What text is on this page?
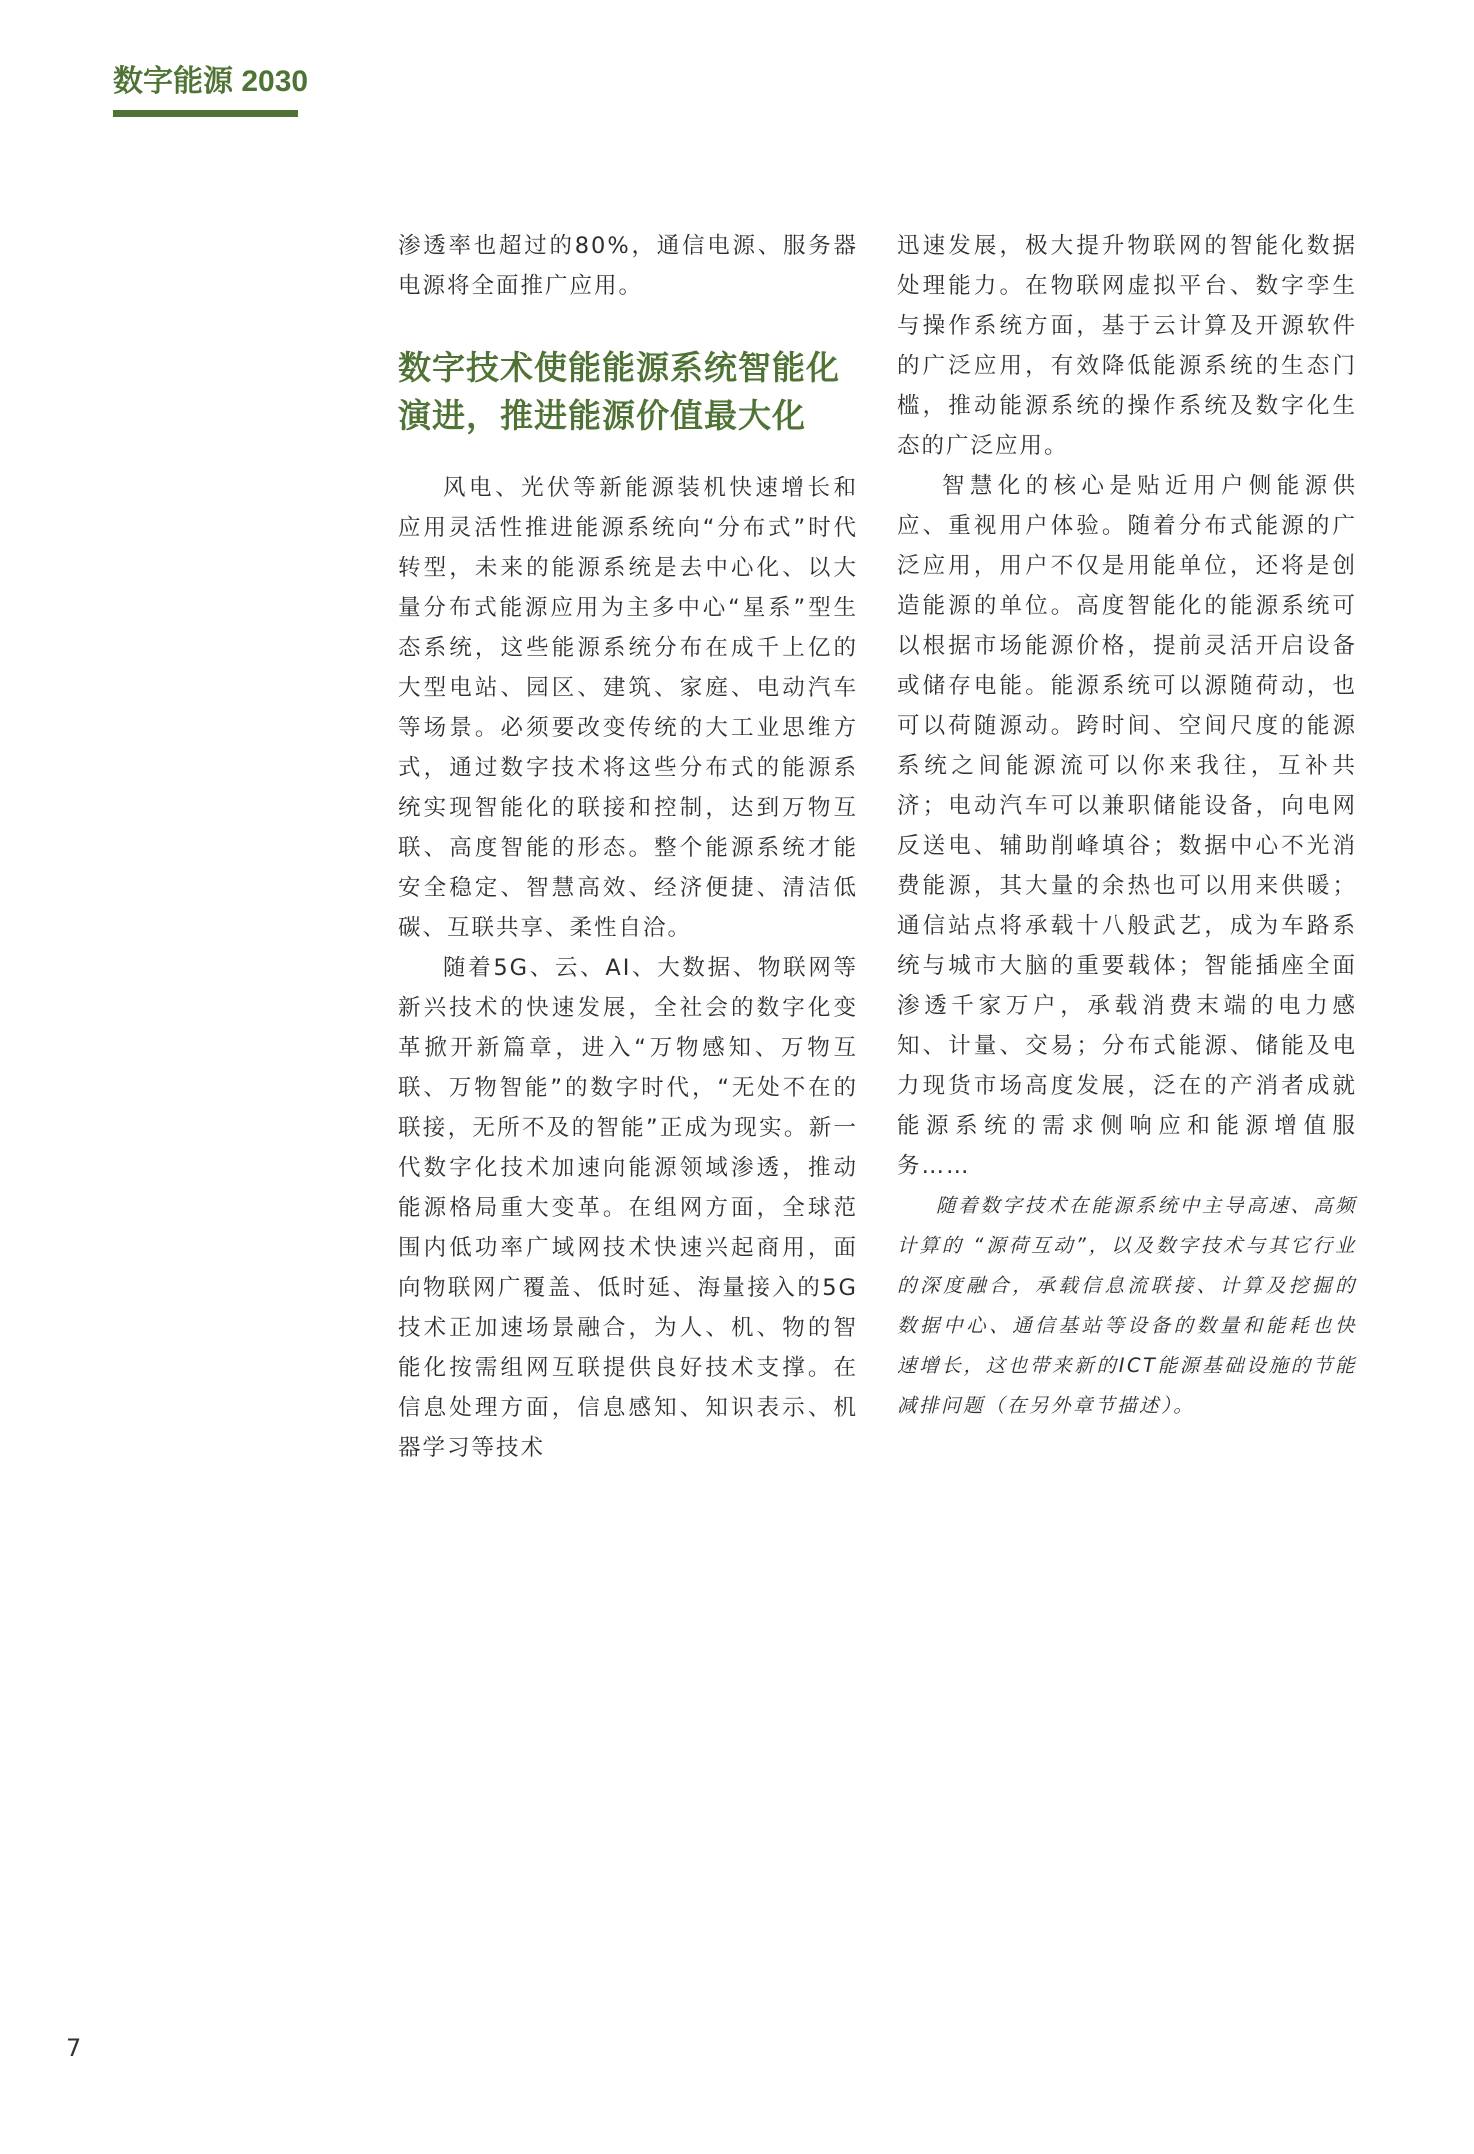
数字能源 2030

渗透率也超过的80%，通信电源、服务器电源将全面推广应用。

数字技术使能能源系统智能化演进，推进能源价值最大化

风电、光伏等新能源装机快速增长和应用灵活性推进能源系统向“分布式”时代转型，未来的能源系统是去中心化、以大量分布式能源应用为主多中心“星系”型生态系统，这些能源系统分布在成千上亿的大型电站、园区、建筑、家庭、电动汽车等场景。必须要改变传统的大工业思维方式，通过数字技术将这些分布式的能源系统实现智能化的联接和控制，达到万物互联、高度智能的形态。整个能源系统才能安全稳定、智慧高效、经济便捷、清洁低碳、互联共享、柔性自洽。

随着5G、云、AI、大数据、物联网等新兴技术的快速发展，全社会的数字化变革掀开新篇章，进入“万物感知、万物互联、万物智能”的数字时代，“无处不在的联接，无所不及的智能”正成为现实。新一代数字化技术加速向能源领域渗透，推动能源格局重大变革。在组网方面，全球范围内低功率广域网技术快速兴起商用，面向物联网广覆盖、低时延、海量接入的5G技术正加速场景融合，为人、机、物的智能化按需组网互联提供良好技术支撑。在信息处理方面，信息感知、知识表示、机器学习等技术

迅速发展，极大提升物联网的智能化数据处理能力。在物联网虚拟平台、数字孪生与操作系统方面，基于云计算及开源软件的广泛应用，有效降低能源系统的生态门槛，推动能源系统的操作系统及数字化生态的广泛应用。

智慧化的核心是贴近用户侧能源供应、重视用户体验。随着分布式能源的广泛应用，用户不仅是用能单位，还将是创造能源的单位。高度智能化的能源系统可以根据市场能源价格，提前灵活开启设备或储存电能。能源系统可以源随荷动，也可以荷随源动。跨时间、空间尺度的能源系统之间能源流可以你来我往，互补共济；电动汽车可以兼职储能设备，向电网反送电、辅助削峰填谷；数据中心不光消费能源，其大量的余热也可以用来供暖；通信站点将承载十八般武艺，成为车路系统与城市大脑的重要载体；智能插座全面渗透千家万户，承载消费末端的电力感知、计量、交易；分布式能源、储能及电力现货市场高度发展，泛在的产消者成就能源系统的需求侧响应和能源增值服务……

随着数字技术在能源系统中主导高速、高频计算的 “源荷互动”，以及数字技术与其它行业的深度融合，承载信息流联接、计算及挖掘的数据中心、通信基站等设备的数量和能耗也快速增长，这也带来新的ICT能源基础设施的节能减排问题（在另外章节描述）。

7
